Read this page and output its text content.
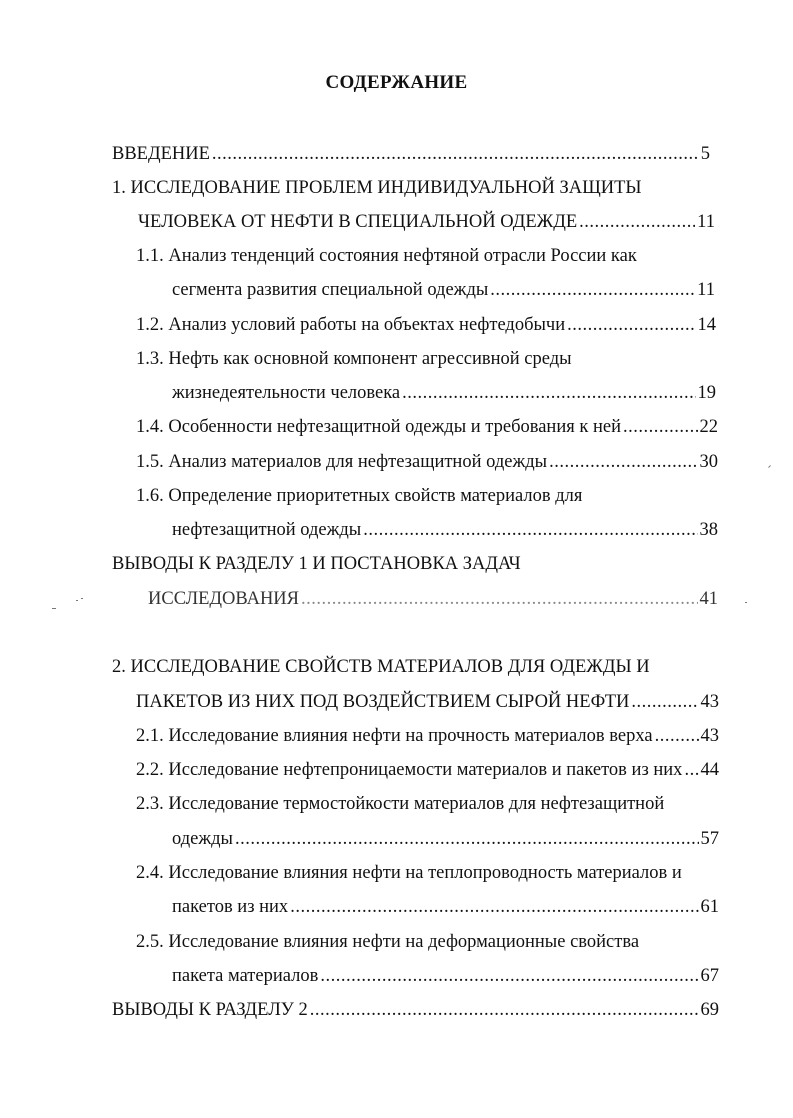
СОДЕРЖАНИЕ
ВВЕДЕНИЕ .....	5
1. ИССЛЕДОВАНИЕ ПРОБЛЕМ ИНДИВИДУАЛЬНОЙ ЗАЩИТЫ
ЧЕЛОВЕКА ОТ НЕФТИ В СПЕЦИАЛЬНОЙ ОДЕЖДЕ .....	11
1.1. Анализ тенденций состояния нефтяной отрасли России как
сегмента развития специальной одежды .....	11
1.2. Анализ условий работы на объектах нефтедобычи .....	14
1.3. Нефть как основной компонент агрессивной среды
жизнедеятельности человека .....	19
1.4. Особенности нефтезащитной одежды и требования к ней .....	22
1.5. Анализ материалов для нефтезащитной одежды .....	30
1.6. Определение приоритетных свойств материалов для
нефтезащитной одежды .....	38
ВЫВОДЫ К РАЗДЕЛУ 1 И ПОСТАНОВКА ЗАДАЧ
ИССЛЕДОВАНИЯ .....	41
2. ИССЛЕДОВАНИЕ СВОЙСТВ МАТЕРИАЛОВ ДЛЯ ОДЕЖДЫ И
ПАКЕТОВ ИЗ НИХ ПОД ВОЗДЕЙСТВИЕМ СЫРОЙ НЕФТИ .....	43
2.1. Исследование влияния нефти на прочность материалов верха .....	43
2.2. Исследование нефтепроницаемости материалов и пакетов из них ..... 44
2.3. Исследование термостойкости материалов для нефтезащитной
одежды .....	57
2.4. Исследование влияния нефти на теплопроводность материалов и
пакетов из них .....	61
2.5. Исследование влияния нефти на деформационные свойства
пакета материалов .....	67
ВЫВОДЫ К РАЗДЕЛУ 2 .....	69
